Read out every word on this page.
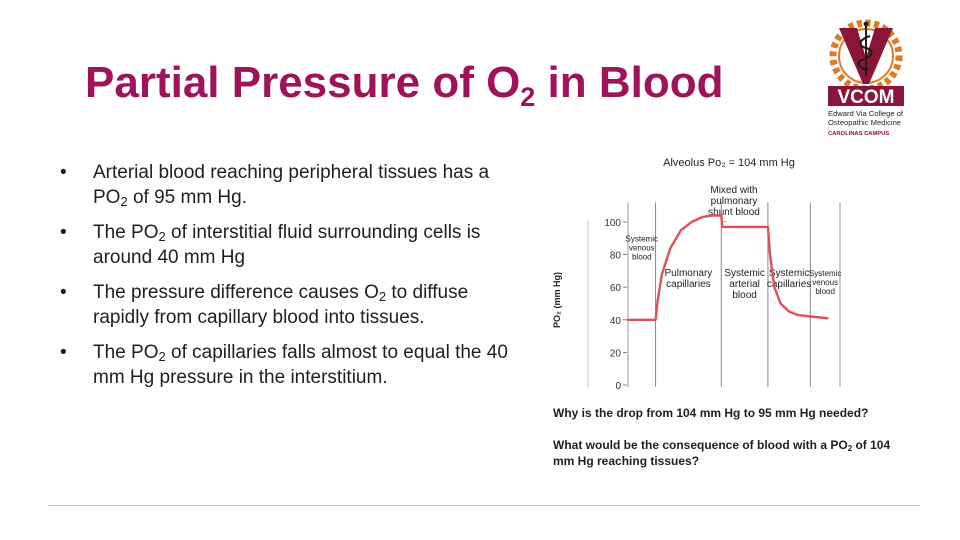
Partial Pressure of $O_2$ in Blood
• Arterial blood reaching peripheral tissues has a $PO_2$ of 95 mm Hg.
• The $PO_2$ of interstitial fluid surrounding cells is around 40 mm Hg
• The pressure difference causes $O_2$ to diffuse rapidly from capillary blood into tissues.
• The $PO_2$ of capillaries falls almost to equal the 40 mm Hg pressure in the interstitium.
VCOM
Edward Via College of
Osteopathic Medicine
CAROLINAS CAMPUS
Alveolus Po₂ = 104 mm Hg
PO₂ (mm Hg)
0
20
40
60
80
100
Systemic venous blood
Pulmonary capillaries
Systemic arterial blood
Systemic capillaries
Systemic venous blood
Mixed with pulmonary shunt blood

Why is the drop from 104 mm Hg to 95 mm Hg needed?

What would be the consequence of blood with a $PO_2$ of 104 mm Hg reaching tissues?
